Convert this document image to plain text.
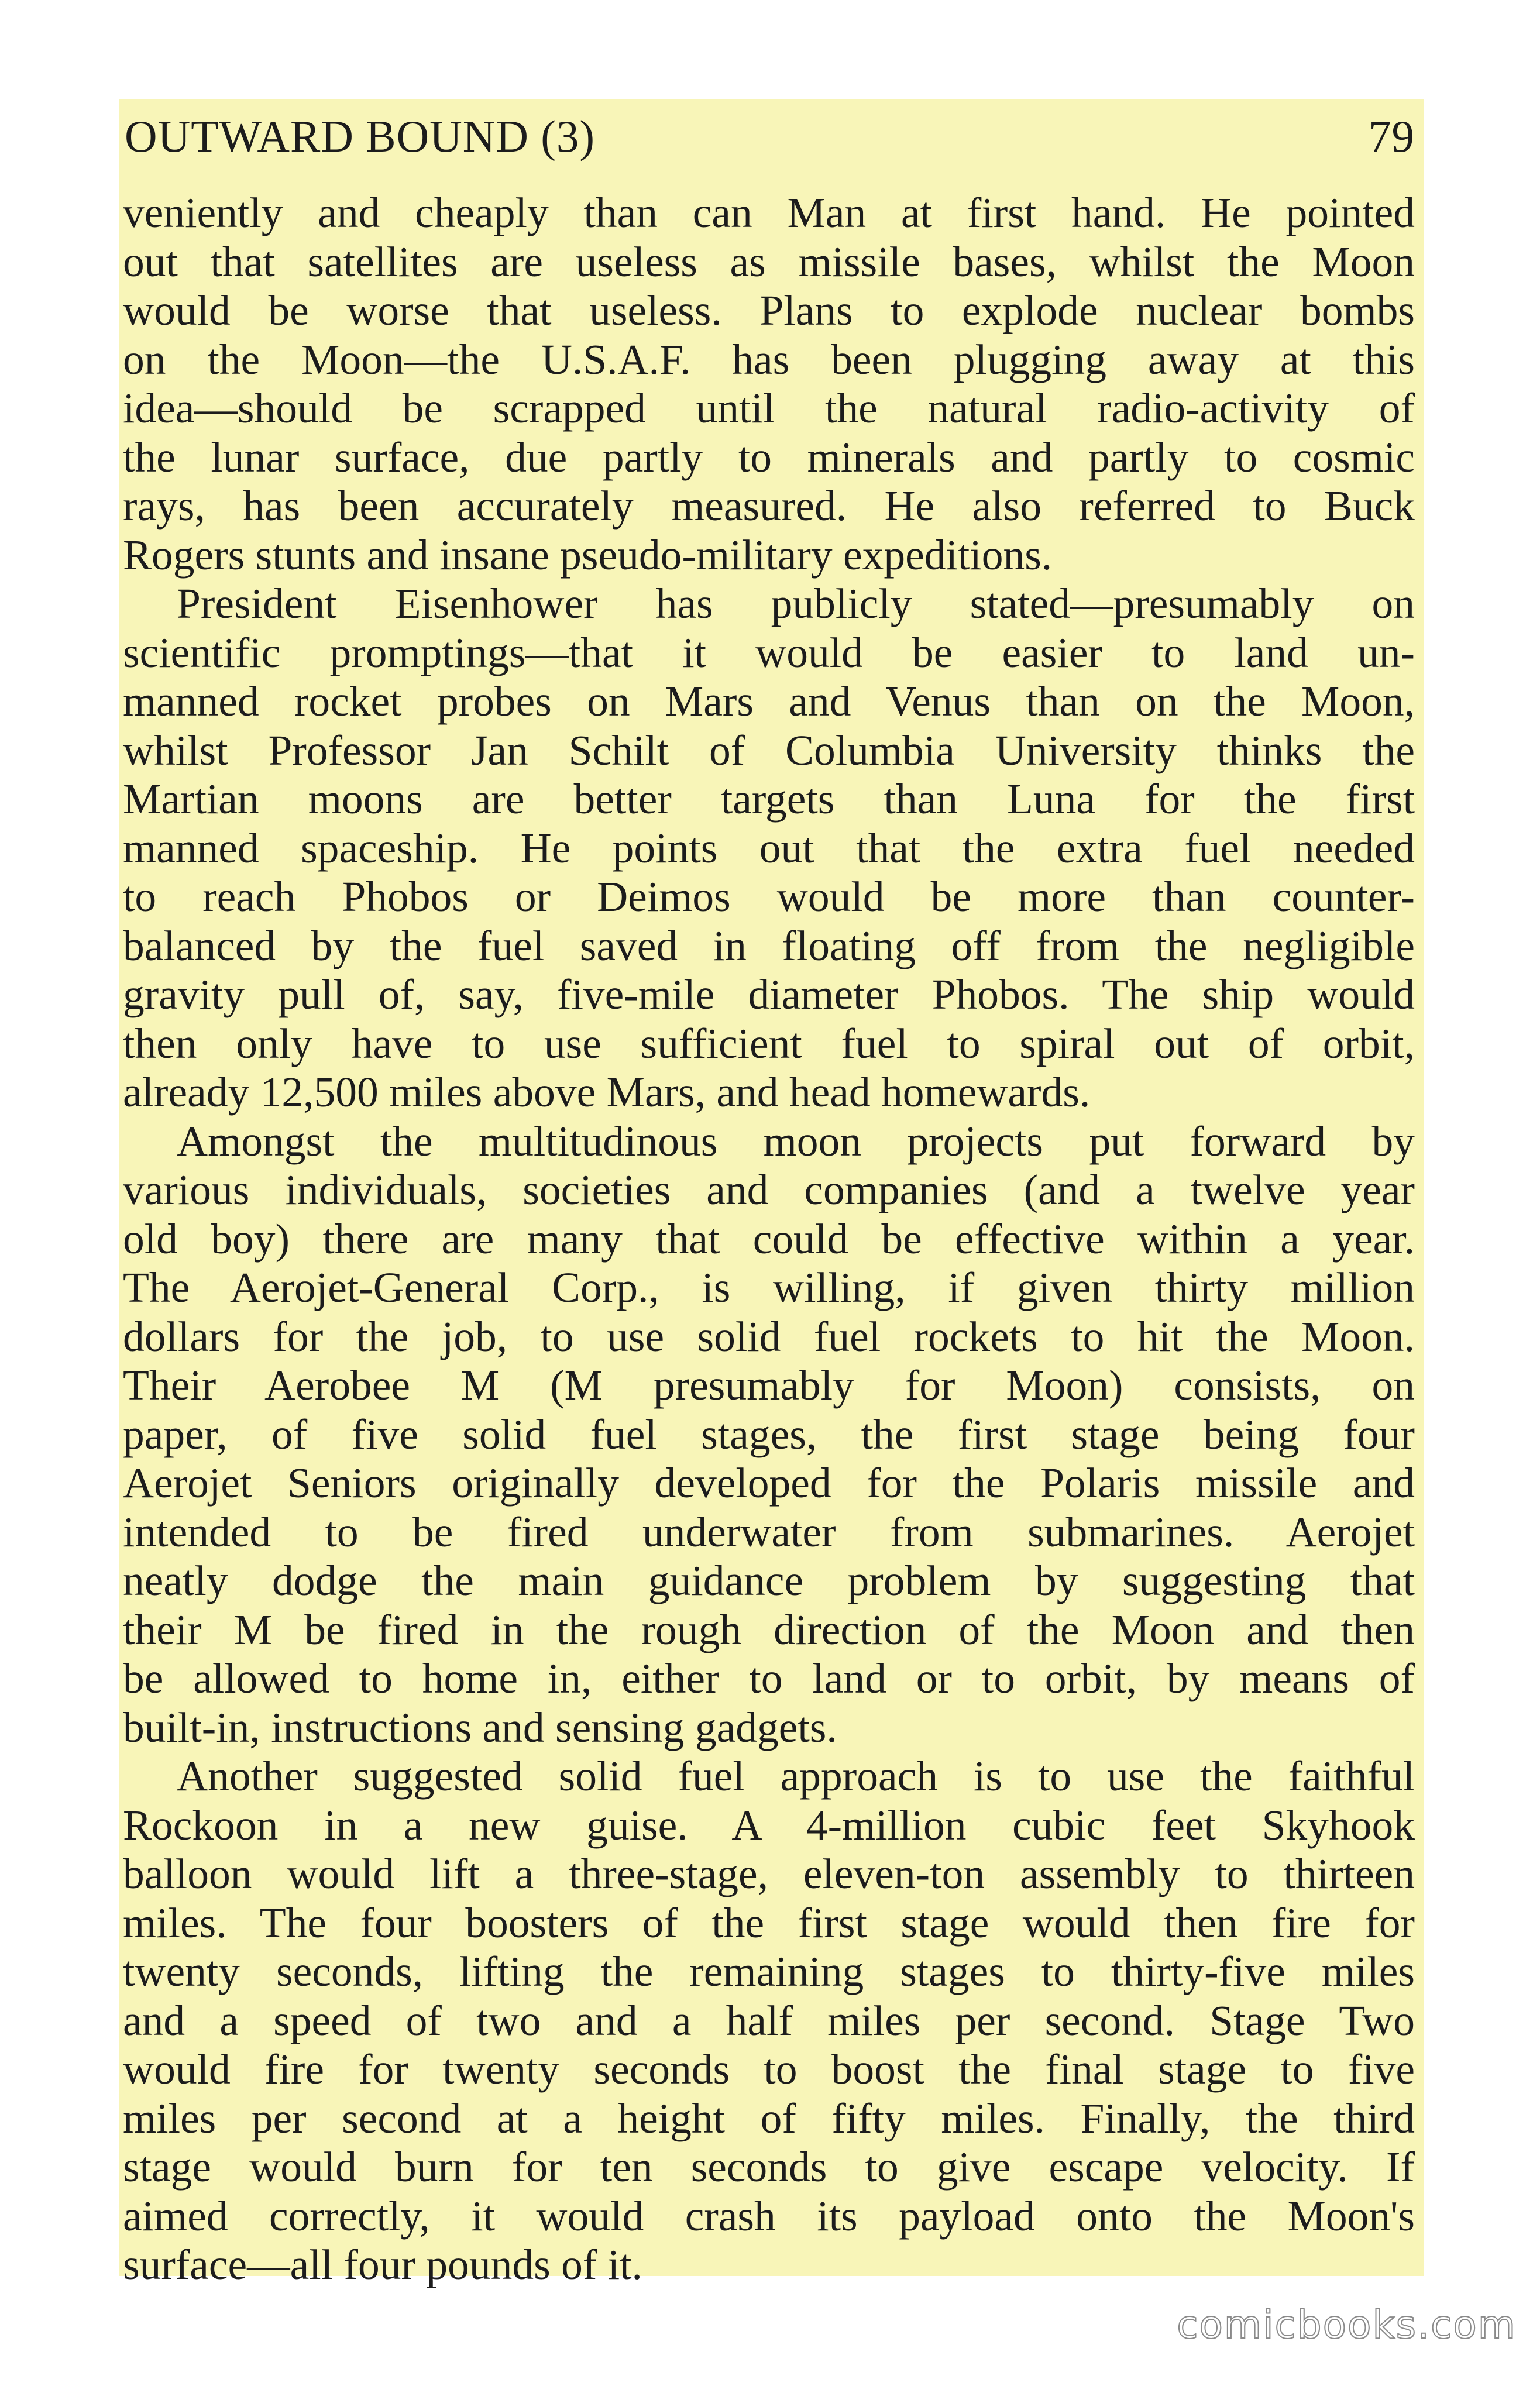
OUTWARD BOUND (3)	79
veniently and cheaply than can Man at first hand. He pointed
out that satellites are useless as missile bases, whilst the Moon
would be worse that useless. Plans to explode nuclear bombs
on the Moon—the U.S.A.F. has been plugging away at this
idea—should be scrapped until the natural radio-activity of
the lunar surface, due partly to minerals and partly to cosmic
rays, has been accurately measured. He also referred to Buck
Rogers stunts and insane pseudo-military expeditions.
President Eisenhower has publicly stated—presumably on
scientific promptings—that it would be easier to land un-
manned rocket probes on Mars and Venus than on the Moon,
whilst Professor Jan Schilt of Columbia University thinks the
Martian moons are better targets than Luna for the first
manned spaceship. He points out that the extra fuel needed
to reach Phobos or Deimos would be more than counter-
balanced by the fuel saved in floating off from the negligible
gravity pull of, say, five-mile diameter Phobos. The ship would
then only have to use sufficient fuel to spiral out of orbit,
already 12,500 miles above Mars, and head homewards.
Amongst the multitudinous moon projects put forward by
various individuals, societies and companies (and a twelve year
old boy) there are many that could be effective within a year.
The Aerojet-General Corp., is willing, if given thirty million
dollars for the job, to use solid fuel rockets to hit the Moon.
Their Aerobee M (M presumably for Moon) consists, on
paper, of five solid fuel stages, the first stage being four
Aerojet Seniors originally developed for the Polaris missile and
intended to be fired underwater from submarines. Aerojet
neatly dodge the main guidance problem by suggesting that
their M be fired in the rough direction of the Moon and then
be allowed to home in, either to land or to orbit, by means of
built-in, instructions and sensing gadgets.
Another suggested solid fuel approach is to use the faithful
Rockoon in a new guise. A 4-million cubic feet Skyhook
balloon would lift a three-stage, eleven-ton assembly to thirteen
miles. The four boosters of the first stage would then fire for
twenty seconds, lifting the remaining stages to thirty-five miles
and a speed of two and a half miles per second. Stage Two
would fire for twenty seconds to boost the final stage to five
miles per second at a height of fifty miles. Finally, the third
stage would burn for ten seconds to give escape velocity. If
aimed correctly, it would crash its payload onto the Moon's
surface—all four pounds of it.
comicbooks.com
